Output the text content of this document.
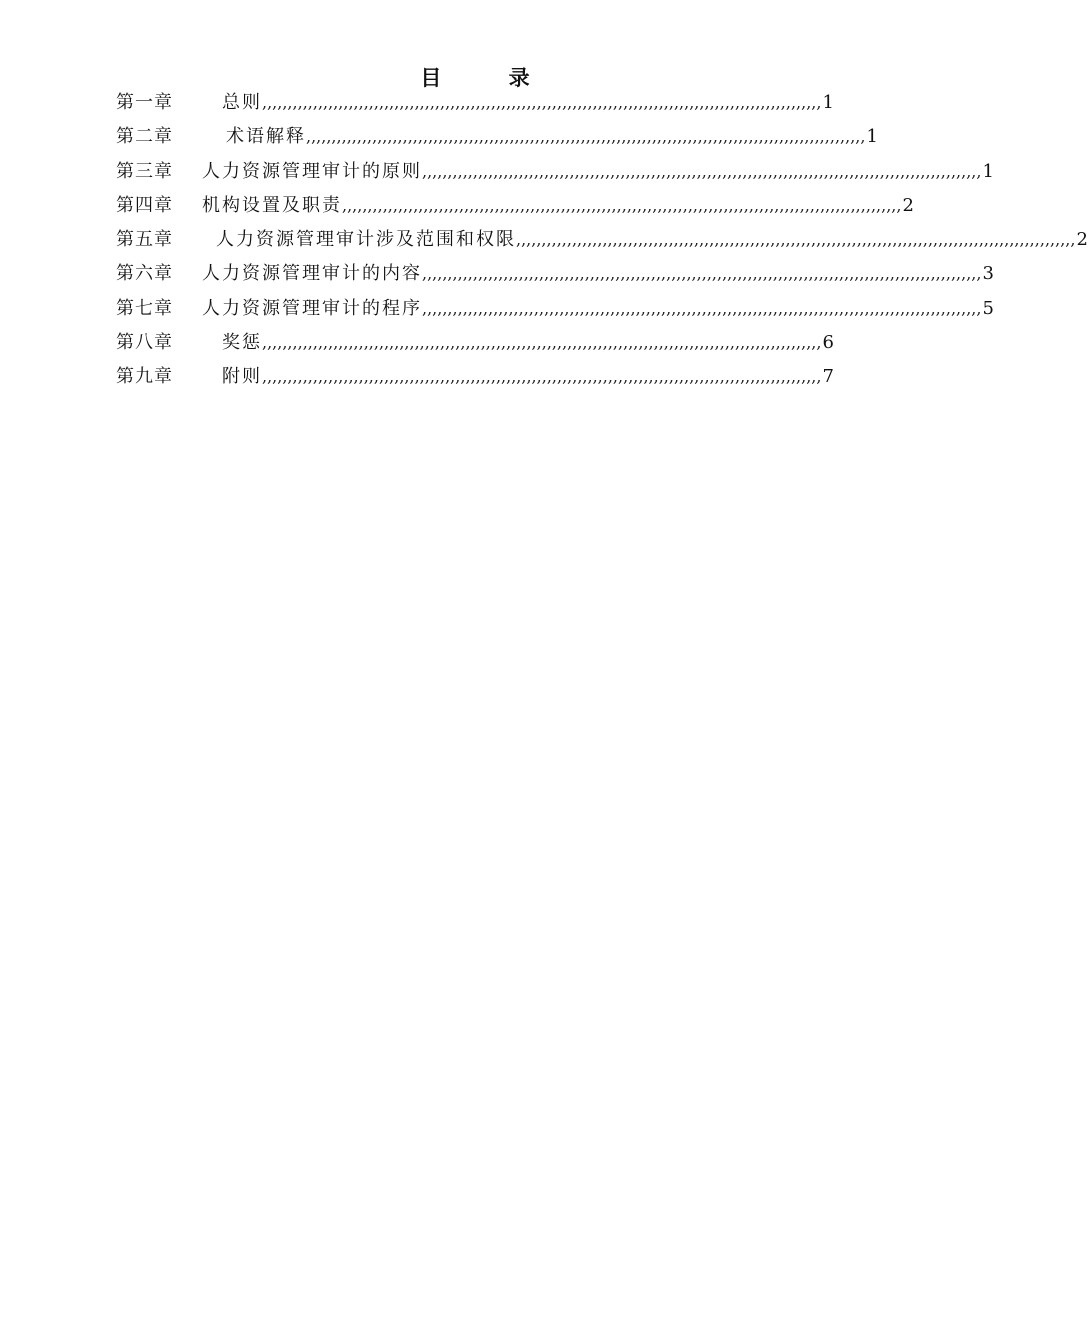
目 录
第一章	总则 ,,,,,,,,,,,,,,,,,,,,,,,,,,,,,,,,,,,,,,,,,,,,,,,,,,,,,,,,,,,,,,,,,,,,,,,,,,,,,,,,,,,,,,,,,,,,,,,,,,,,,,,,,,,,,, 1
第二章	术语解释 ,,,,,,,,,,,,,,,,,,,,,,,,,,,,,,,,,,,,,,,,,,,,,,,,,,,,,,,,,,,,,,,,,,,,,,,,,,,,,,,,,,,,,,,,,,,,,,,,,,,,,,,,,,,,,, 1
第三章	人力资源管理审计的原则 ,,,,,,,,,,,,,,,,,,,,,,,,,,,,,,,,,,,,,,,,,,,,,,,,,,,,,,,,,,,,,,,,,,,,,,,,,,,,,,,,,,,,,,,,,,,,,,,,,,,,,,,,,,,,,, 1
第四章	机构设置及职责 ,,,,,,,,,,,,,,,,,,,,,,,,,,,,,,,,,,,,,,,,,,,,,,,,,,,,,,,,,,,,,,,,,,,,,,,,,,,,,,,,,,,,,,,,,,,,,,,,,,,,,,,,,,,,,, 2
第五章	人力资源管理审计涉及范围和权限 ,,,,,,,,,,,,,,,,,,,,,,,,,,,,,,,,,,,,,,,,,,,,,,,,,,,,,,,,,,,,,,,,,,,,,,,,,,,,,,,,,,,,,,,,,,,,,,,,,,,,,,,,,,,,,, 2
第六章	人力资源管理审计的内容 ,,,,,,,,,,,,,,,,,,,,,,,,,,,,,,,,,,,,,,,,,,,,,,,,,,,,,,,,,,,,,,,,,,,,,,,,,,,,,,,,,,,,,,,,,,,,,,,,,,,,,,,,,,,,,, 3
第七章	人力资源管理审计的程序 ,,,,,,,,,,,,,,,,,,,,,,,,,,,,,,,,,,,,,,,,,,,,,,,,,,,,,,,,,,,,,,,,,,,,,,,,,,,,,,,,,,,,,,,,,,,,,,,,,,,,,,,,,,,,,, 5
第八章	奖惩 ,,,,,,,,,,,,,,,,,,,,,,,,,,,,,,,,,,,,,,,,,,,,,,,,,,,,,,,,,,,,,,,,,,,,,,,,,,,,,,,,,,,,,,,,,,,,,,,,,,,,,,,,,,,,,, 6
第九章	附则 ,,,,,,,,,,,,,,,,,,,,,,,,,,,,,,,,,,,,,,,,,,,,,,,,,,,,,,,,,,,,,,,,,,,,,,,,,,,,,,,,,,,,,,,,,,,,,,,,,,,,,,,,,,,,,, 7
